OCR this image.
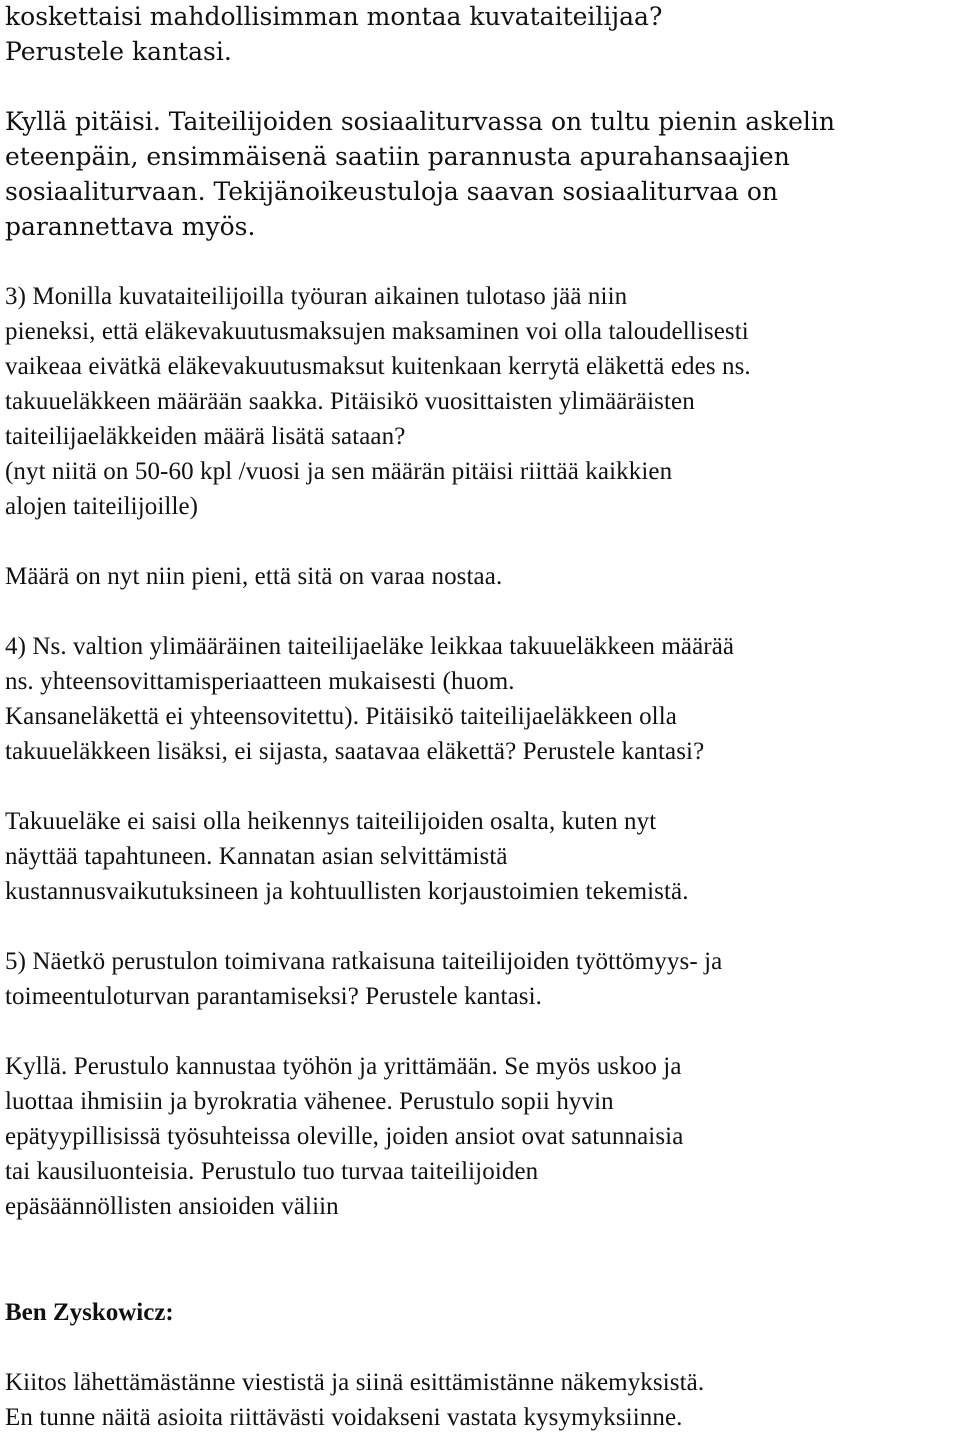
koskettaisi mahdollisimman montaa kuvataiteilijaa?
Perustele kantasi.
Kyllä pitäisi. Taiteilijoiden sosiaaliturvassa on tultu pienin askelin
eteenpäin, ensimmäisenä saatiin parannusta apurahansaajien
sosiaaliturvaan. Tekijänoikeustuloja saavan sosiaaliturvaa on
parannettava myös.
3) Monilla kuvataiteilijoilla työuran aikainen tulotaso jää niin
pieneksi, että eläkevakuutusmaksujen maksaminen voi olla taloudellisesti
vaikeaa eivätkä eläkevakuutusmaksut kuitenkaan kerrytä eläkettä edes ns.
takuueläkkeen määrään saakka. Pitäisikö vuosittaisten ylimääräisten
taiteilijaeläkkeiden määrä lisätä sataan?
(nyt niitä on 50-60 kpl /vuosi ja sen määrän pitäisi riittää kaikkien
alojen taiteilijoille)
Määrä on nyt niin pieni, että sitä on varaa nostaa.
4) Ns. valtion ylimääräinen taiteilijaeläke leikkaa takuueläkkeen määrää
ns. yhteensovittamisperiaatteen mukaisesti (huom.
Kansaneläkettä ei yhteensovitettu). Pitäisikö taiteilijaeläkkeen olla
takuueläkkeen lisäksi, ei sijasta, saatavaa eläkettä? Perustele kantasi?
Takuueläke ei saisi olla heikennys taiteilijoiden osalta, kuten nyt
näyttää tapahtuneen. Kannatan asian selvittämistä
kustannusvaikutuksineen ja kohtuullisten korjaustoimien tekemistä.
5) Näetkö perustulon toimivana ratkaisuna taiteilijoiden työttömyys- ja
toimeentuloturvan parantamiseksi? Perustele kantasi.
Kyllä. Perustulo kannustaa työhön ja yrittämään. Se myös uskoo ja
luottaa ihmisiin ja byrokratia vähenee. Perustulo sopii hyvin
epätyypillisissä työsuhteissa oleville, joiden ansiot ovat satunnaisia
tai kausiluonteisia. Perustulo tuo turvaa taiteilijoiden
epäsäännöllisten ansioiden väliin
Ben Zyskowicz:
Kiitos lähettämästänne viestistä ja siinä esittämistänne näkemyksistä.
En tunne näitä asioita riittävästi voidakseni vastata kysymyksiinne.
